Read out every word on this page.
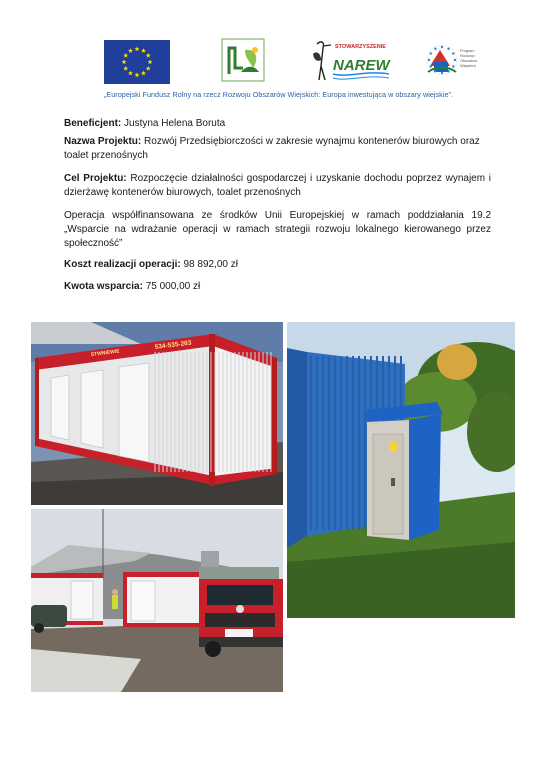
STOWARZYSZENIE
NAREW
Program
Rozwoju
Obszarów
Wiejskich
„Europejski Fundusz Rolny na rzecz Rozwoju Obszarów Wiejskich: Europa inwestująca w obszary wiejskie”.
Beneficjent: Justyna Helena Boruta
Nazwa Projektu: Rozwój Przedsiębiorczości w zakresie wynajmu kontenerów biurowych oraz toalet przenośnych
Cel Projektu: Rozpoczęcie działalności gospodarczej i uzyskanie dochodu poprzez wynajem i dzierżawę kontenerów biurowych, toalet przenośnych
Operacja współfinansowana ze środków Unii Europejskiej w ramach poddziałania 19.2 „Wsparcie na wdrażanie operacji w ramach strategii rozwoju lokalnego kierowanego przez społeczność”
Koszt realizacji operacji: 98 892,00 zł
Kwota wsparcia: 75 000,00 zł
STWNIEWIE
534-535-263
